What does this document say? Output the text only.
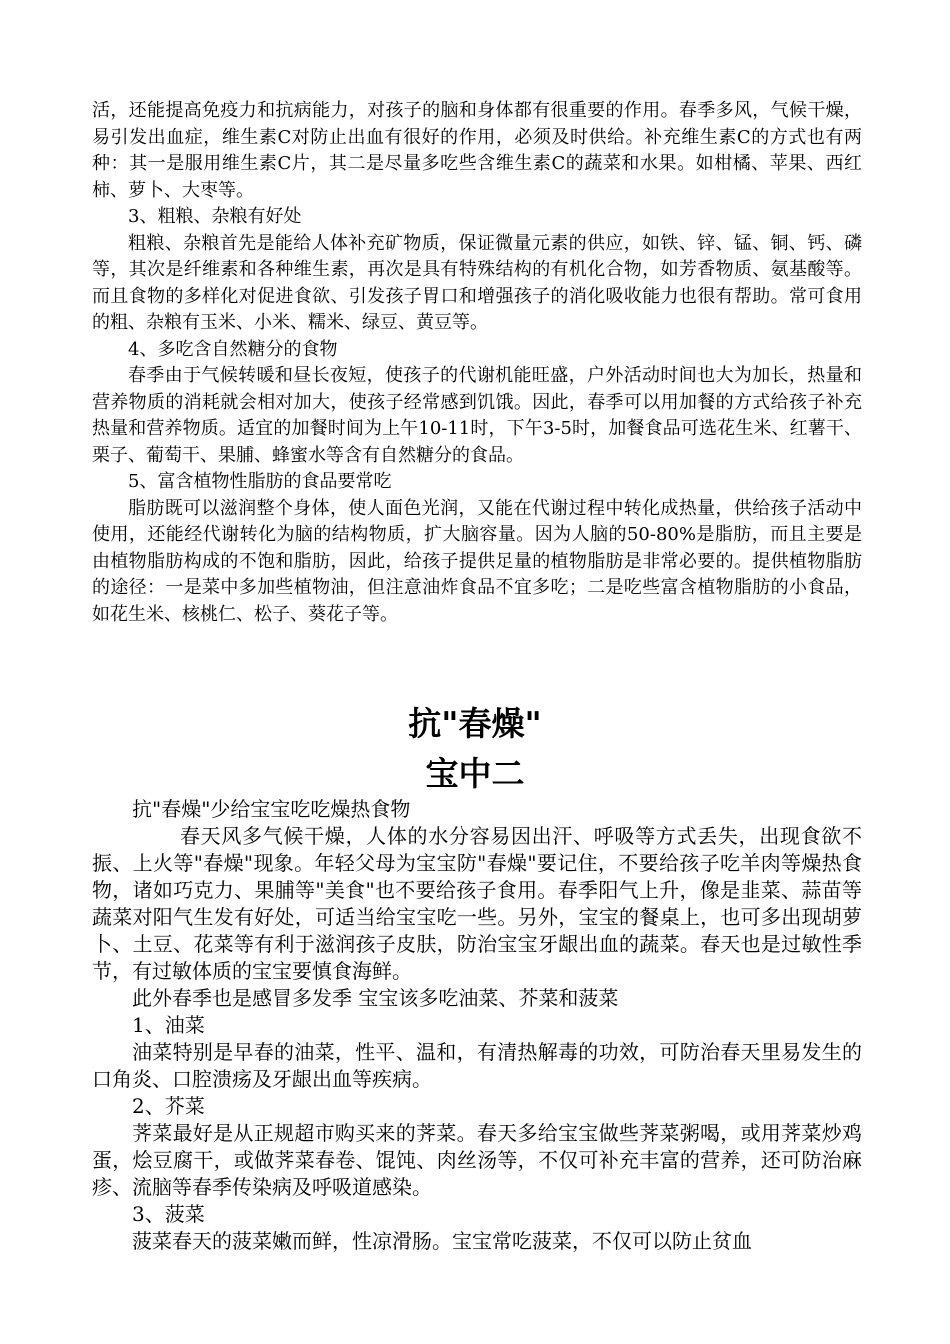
活，还能提高免疫力和抗病能力，对孩子的脑和身体都有很重要的作用。春季多风，气候干燥，易引发出血症，维生素C对防止出血有很好的作用，必须及时供给。补充维生素C的方式也有两种：其一是服用维生素C片，其二是尽量多吃些含维生素C的蔬菜和水果。如柑橘、苹果、西红柿、萝卜、大枣等。

3、粗粮、杂粮有好处

粗粮、杂粮首先是能给人体补充矿物质，保证微量元素的供应，如铁、锌、锰、铜、钙、磷等，其次是纤维素和各种维生素，再次是具有特殊结构的有机化合物，如芳香物质、氨基酸等。而且食物的多样化对促进食欲、引发孩子胃口和增强孩子的消化吸收能力也很有帮助。常可食用的粗、杂粮有玉米、小米、糯米、绿豆、黄豆等。

4、多吃含自然糖分的食物

春季由于气候转暖和昼长夜短，使孩子的代谢机能旺盛，户外活动时间也大为加长，热量和营养物质的消耗就会相对加大，使孩子经常感到饥饿。因此，春季可以用加餐的方式给孩子补充热量和营养物质。适宜的加餐时间为上午10-11时，下午3-5时，加餐食品可选花生米、红薯干、栗子、葡萄干、果脯、蜂蜜水等含有自然糖分的食品。

5、富含植物性脂肪的食品要常吃

脂肪既可以滋润整个身体，使人面色光润，又能在代谢过程中转化成热量，供给孩子活动中使用，还能经代谢转化为脑的结构物质，扩大脑容量。因为人脑的50-80%是脂肪，而且主要是由植物脂肪构成的不饱和脂肪，因此，给孩子提供足量的植物脂肪是非常必要的。提供植物脂肪的途径：一是菜中多加些植物油，但注意油炸食品不宜多吃；二是吃些富含植物脂肪的小食品，如花生米、核桃仁、松子、葵花子等。

抗"春燥"
宝中二

抗"春燥"少给宝宝吃吃燥热食物

春天风多气候干燥，人体的水分容易因出汗、呼吸等方式丢失，出现食欲不振、上火等"春燥"现象。年轻父母为宝宝防"春燥"要记住，不要给孩子吃羊肉等燥热食物，诸如巧克力、果脯等"美食"也不要给孩子食用。春季阳气上升，像是韭菜、蒜苗等蔬菜对阳气生发有好处，可适当给宝宝吃一些。另外，宝宝的餐桌上，也可多出现胡萝卜、土豆、花菜等有利于滋润孩子皮肤，防治宝宝牙龈出血的蔬菜。春天也是过敏性季节，有过敏体质的宝宝要慎食海鲜。

此外春季也是感冒多发季 宝宝该多吃油菜、芥菜和菠菜

1、油菜

油菜特别是早春的油菜，性平、温和，有清热解毒的功效，可防治春天里易发生的口角炎、口腔溃疡及牙龈出血等疾病。

2、芥菜

荠菜最好是从正规超市购买来的荠菜。春天多给宝宝做些荠菜粥喝，或用荠菜炒鸡蛋，烩豆腐干，或做荠菜春卷、馄饨、肉丝汤等，不仅可补充丰富的营养，还可防治麻疹、流脑等春季传染病及呼吸道感染。

3、菠菜

菠菜春天的菠菜嫩而鲜，性凉滑肠。宝宝常吃菠菜，不仅可以防止贫血
